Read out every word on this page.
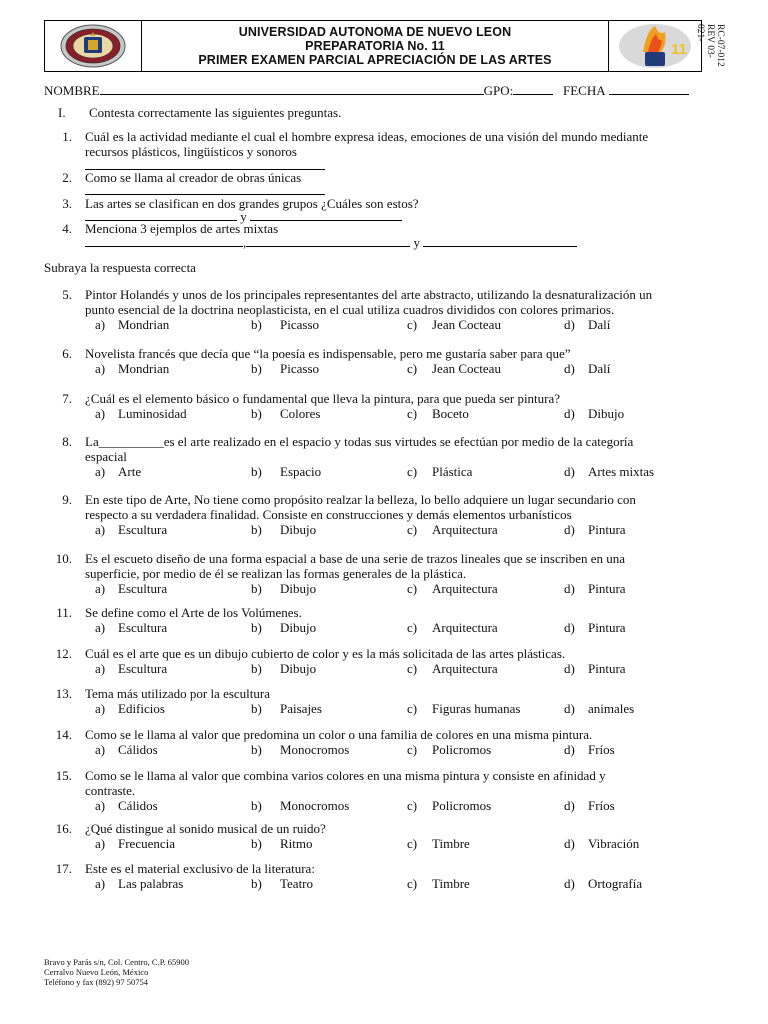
UNIVERSIDAD AUTONOMA DE NUEVO LEON
PREPARATORIA No. 11
PRIMER EXAMEN PARCIAL APRECIACIÓN DE LAS ARTES
11	RC-07-012
REV 03-
021-
NOMBRE	GPO:	FECHA
I. Contesta correctamente las siguientes preguntas.
1. Cuál es la actividad mediante el cual el hombre expresa ideas, emociones de una visión del mundo mediante
recursos plásticos, lingüísticos y sonoros
2. Como se llama al creador de obras únicas
3. Las artes se clasifican en dos grandes grupos ¿Cuáles son estos?
y
4. Menciona 3 ejemplos de artes mixtas
,	y
Subraya la respuesta correcta
5. Pintor Holandés y unos de los principales representantes del arte abstracto, utilizando la desnaturalización un
punto esencial de la doctrina neoplasticista, en el cual utiliza cuadros divididos con colores primarios.
a) Mondrian	b) Picasso	c) Jean Cocteau	d) Dalí
6. Novelista francés que decía que “la poesía es indispensable, pero me gustaría saber para que”
a) Mondrian	b) Picasso	c) Jean Cocteau	d) Dalí
7. ¿Cuál es el elemento básico o fundamental que lleva la pintura, para que pueda ser pintura?
a) Luminosidad	b) Colores	c) Boceto	d) Dibujo
8. La__________es el arte realizado en el espacio y todas sus virtudes se efectúan por medio de la categoría
espacial
a) Arte	b) Espacio	c) Plástica	d) Artes mixtas
9. En este tipo de Arte, No tiene como propósito realzar la belleza, lo bello adquiere un lugar secundario con
respecto a su verdadera finalidad. Consiste en construcciones y demás elementos urbanísticos
a) Escultura	b) Dibujo	c) Arquitectura	d) Pintura
10. Es el escueto diseño de una forma espacial a base de una serie de trazos lineales que se inscriben en una
superficie, por medio de él se realizan las formas generales de la plástica.
a) Escultura	b) Dibujo	c) Arquitectura	d) Pintura
11. Se define como el Arte de los Volúmenes.
a) Escultura	b) Dibujo	c) Arquitectura	d) Pintura
12. Cuál es el arte que es un dibujo cubierto de color y es la más solicitada de las artes plásticas.
a) Escultura	b) Dibujo	c) Arquitectura	d) Pintura
13. Tema más utilizado por la escultura
a) Edificios	b) Paisajes	c) Figuras humanas	d) animales
14. Como se le llama al valor que predomina un color o una familia de colores en una misma pintura.
a) Cálidos	b) Monocromos	c) Policromos	d) Fríos
15. Como se le llama al valor que combina varios colores en una misma pintura y consiste en afinidad y
contraste.
a) Cálidos	b) Monocromos	c) Policromos	d) Fríos
16. ¿Qué distingue al sonido musical de un ruido?
a) Frecuencia	b) Ritmo	c) Timbre	d) Vibración
17. Este es el material exclusivo de la literatura:
a) Las palabras	b) Teatro	c) Timbre	d) Ortografía
Bravo y Parás s/n, Col. Centro, C.P. 65900
Cerralvo Nuevo León, México
Teléfono y fax (892) 97 50754
